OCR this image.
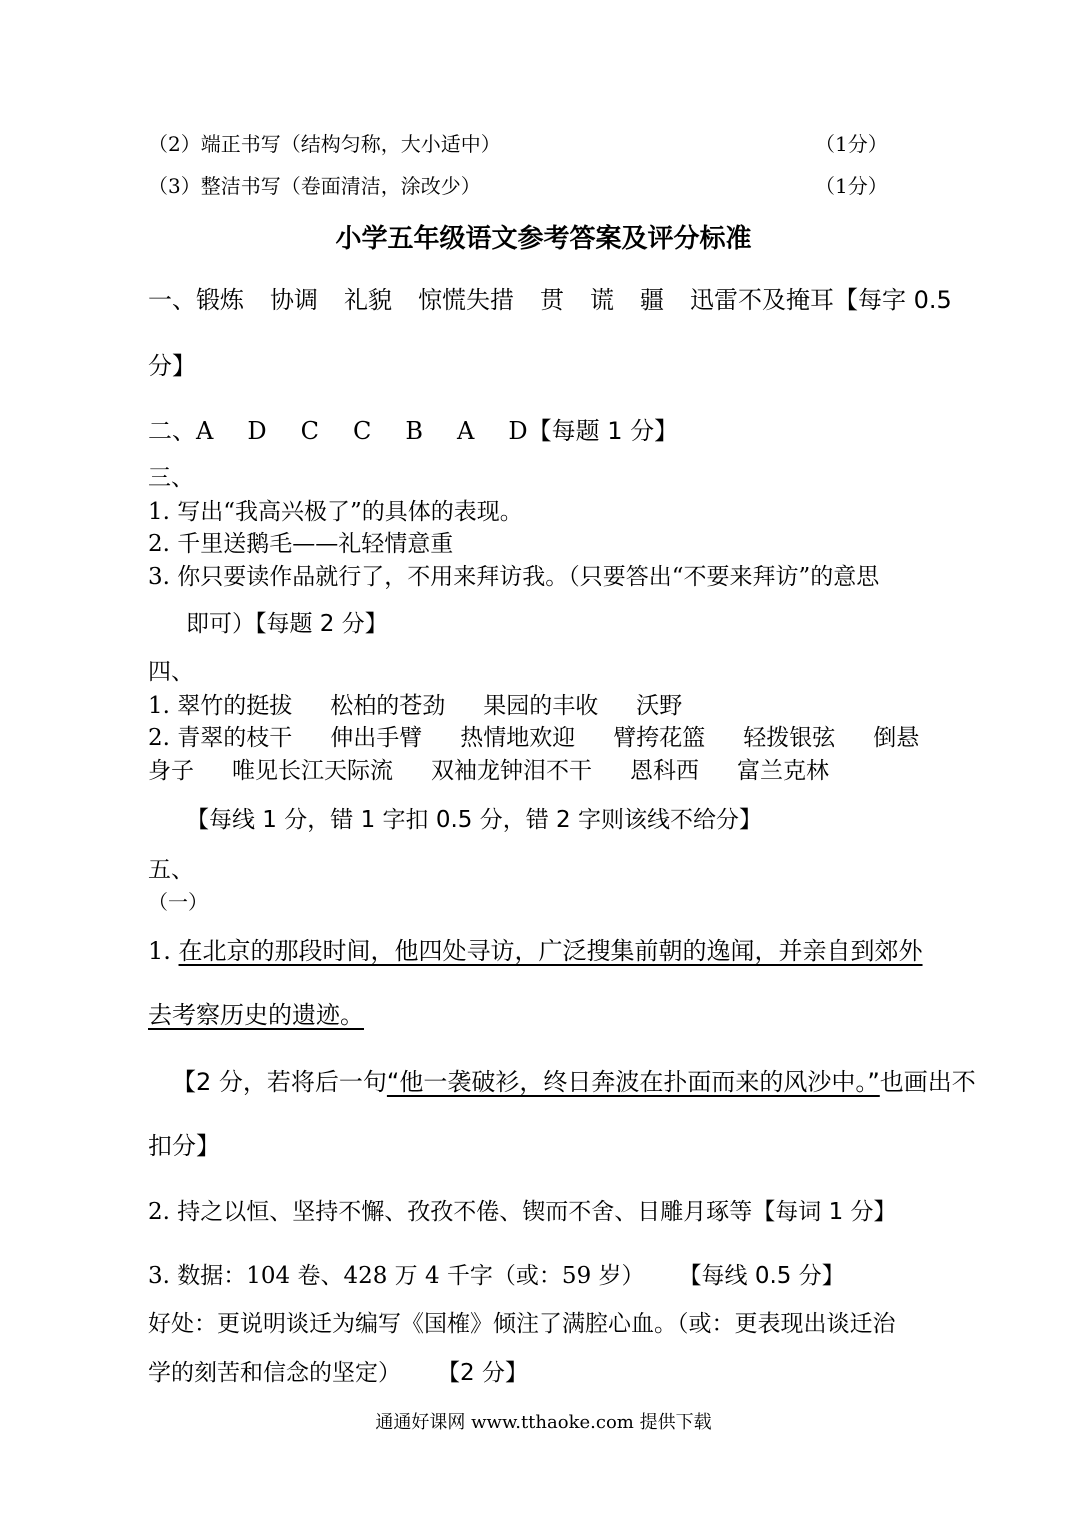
（2）端正书写（结构匀称，大小适中）	（1分）
（3）整洁书写（卷面清洁，涂改少）	（1分）
小学五年级语文参考答案及评分标准
一、锻炼 协调 礼貌 惊慌失措 贯 谎 疆 迅雷不及掩耳【每字 0.5
分】
二、A D C C B A D【每题 1 分】
三、
1. 写出“我高兴极了”的具体的表现。
2. 千里送鹅毛——礼轻情意重
3. 你只要读作品就行了，不用来拜访我。（只要答出“不要来拜访”的意思
即可）【每题 2 分】
四、
1. 翠竹的挺拔 松柏的苍劲 果园的丰收 沃野
2. 青翠的枝干 伸出手臂 热情地欢迎 臂挎花篮 轻拨银弦 倒悬
身子 唯见长江天际流 双袖龙钟泪不干 恩科西 富兰克林
【每线 1 分，错 1 字扣 0.5 分，错 2 字则该线不给分】
五、
（一）
1. 在北京的那段时间，他四处寻访，广泛搜集前朝的逸闻，并亲自到郊外
去考察历史的遗迹。
【2 分，若将后一句“他一袭破衫，终日奔波在扑面而来的风沙中。”也画出不
扣分】
2. 持之以恒、坚持不懈、孜孜不倦、锲而不舍、日雕月琢等【每词 1 分】
3. 数据：104 卷、428 万 4 千字（或：59 岁） 【每线 0.5 分】
好处：更说明谈迁为编写《国榷》倾注了满腔心血。（或：更表现出谈迁治
学的刻苦和信念的坚定） 【2 分】
通通好课网 www.tthaoke.com 提供下载
